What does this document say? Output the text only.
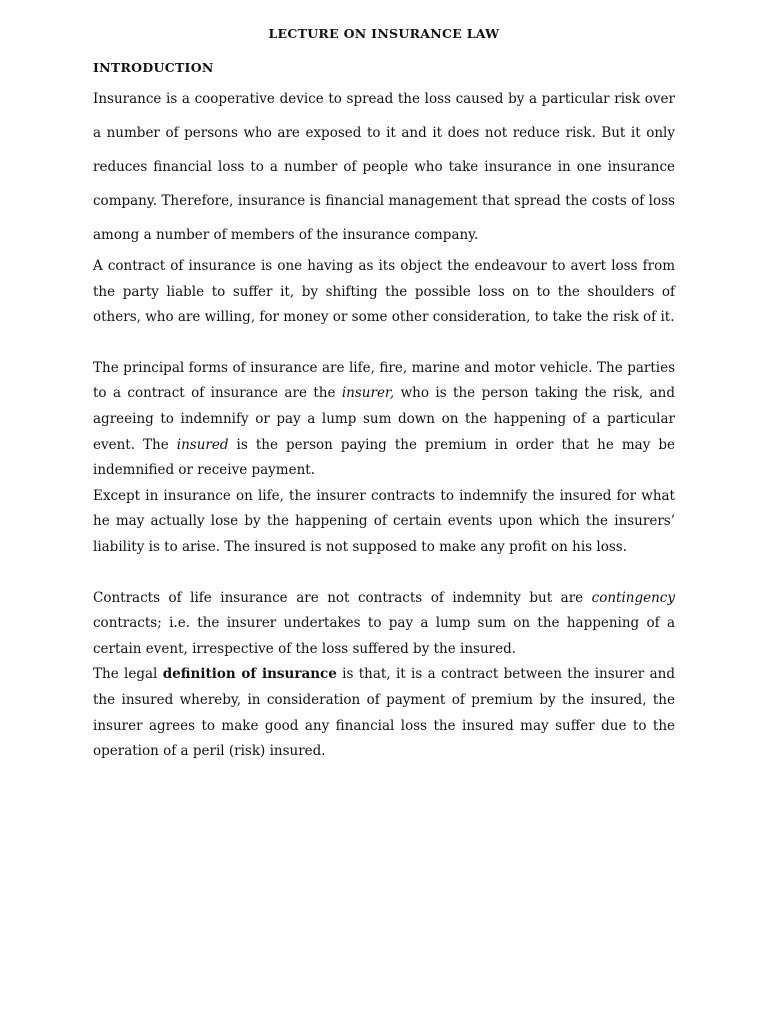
LECTURE ON INSURANCE LAW
INTRODUCTION

Insurance is a cooperative device to spread the loss caused by a particular risk over a number of persons who are exposed to it and it does not reduce risk. But it only reduces financial loss to a number of people who take insurance in one insurance company. Therefore, insurance is financial management that spread the costs of loss among a number of members of the insurance company.

A contract of insurance is one having as its object the endeavour to avert loss from the party liable to suffer it, by shifting the possible loss on to the shoulders of others, who are willing, for money or some other consideration, to take the risk of it.

The principal forms of insurance are life, fire, marine and motor vehicle. The parties to a contract of insurance are the insurer, who is the person taking the risk, and agreeing to indemnify or pay a lump sum down on the happening of a particular event. The insured is the person paying the premium in order that he may be indemnified or receive payment.

Except in insurance on life, the insurer contracts to indemnify the insured for what he may actually lose by the happening of certain events upon which the insurers’ liability is to arise. The insured is not supposed to make any profit on his loss.

Contracts of life insurance are not contracts of indemnity but are contingency contracts; i.e. the insurer undertakes to pay a lump sum on the happening of a certain event, irrespective of the loss suffered by the insured.

The legal definition of insurance is that, it is a contract between the insurer and the insured whereby, in consideration of payment of premium by the insured, the insurer agrees to make good any financial loss the insured may suffer due to the operation of a peril (risk) insured.
